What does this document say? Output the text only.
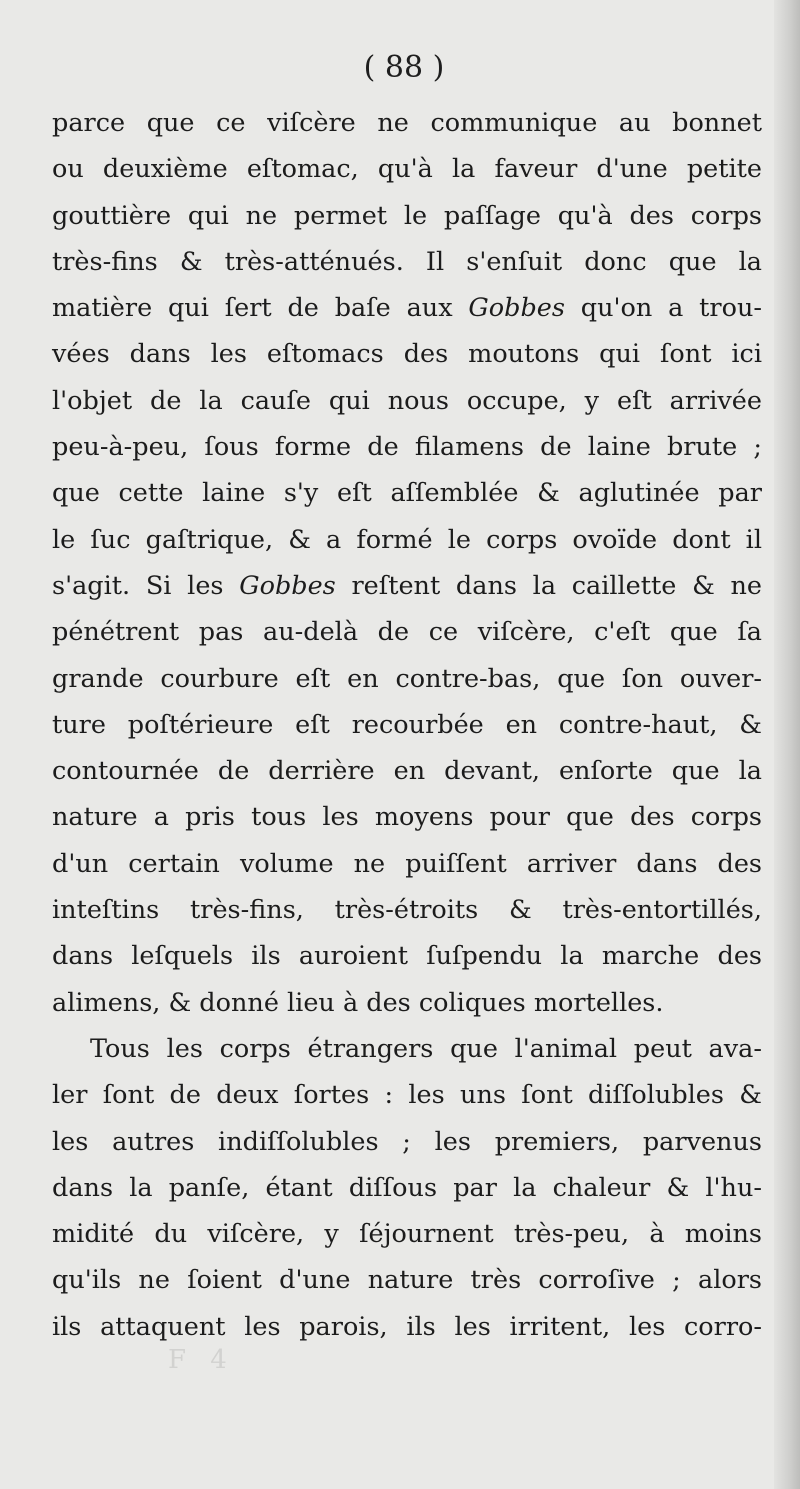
( 88 )
parce que ce viſcère ne communique au bonnet
ou deuxième eſtomac, qu'à la faveur d'une petite
gouttière qui ne permet le paſſage qu'à des corps
très-fins & très-atténués. Il s'enſuit donc que la
matière qui ſert de baſe aux Gobbes qu'on a trou-
vées dans les eſtomacs des moutons qui ſont ici
l'objet de la cauſe qui nous occupe, y eſt arrivée
peu-à-peu, ſous forme de filamens de laine brute ;
que cette laine s'y eſt aſſemblée & aglutinée par
le ſuc gaſtrique, & a formé le corps ovoïde dont il
s'agit. Si les Gobbes reſtent dans la caillette & ne
pénétrent pas au-delà de ce viſcère, c'eſt que ſa
grande courbure eſt en contre-bas, que ſon ouver-
ture poſtérieure eſt recourbée en contre-haut, &
contournée de derrière en devant, enſorte que la
nature a pris tous les moyens pour que des corps
d'un certain volume ne puiſſent arriver dans des
inteſtins très-fins, très-étroits & très-entortillés,
dans leſquels ils auroient ſuſpendu la marche des
alimens, & donné lieu à des coliques mortelles.
Tous les corps étrangers que l'animal peut ava-
ler ſont de deux ſortes : les uns ſont diſſolubles &
les autres indiſſolubles ; les premiers, parvenus
dans la panſe, étant diſſous par la chaleur & l'hu-
midité du viſcère, y ſéjournent très-peu, à moins
qu'ils ne ſoient d'une nature très corroſive ; alors
ils attaquent les parois, ils les irritent, les corro-
F 4
